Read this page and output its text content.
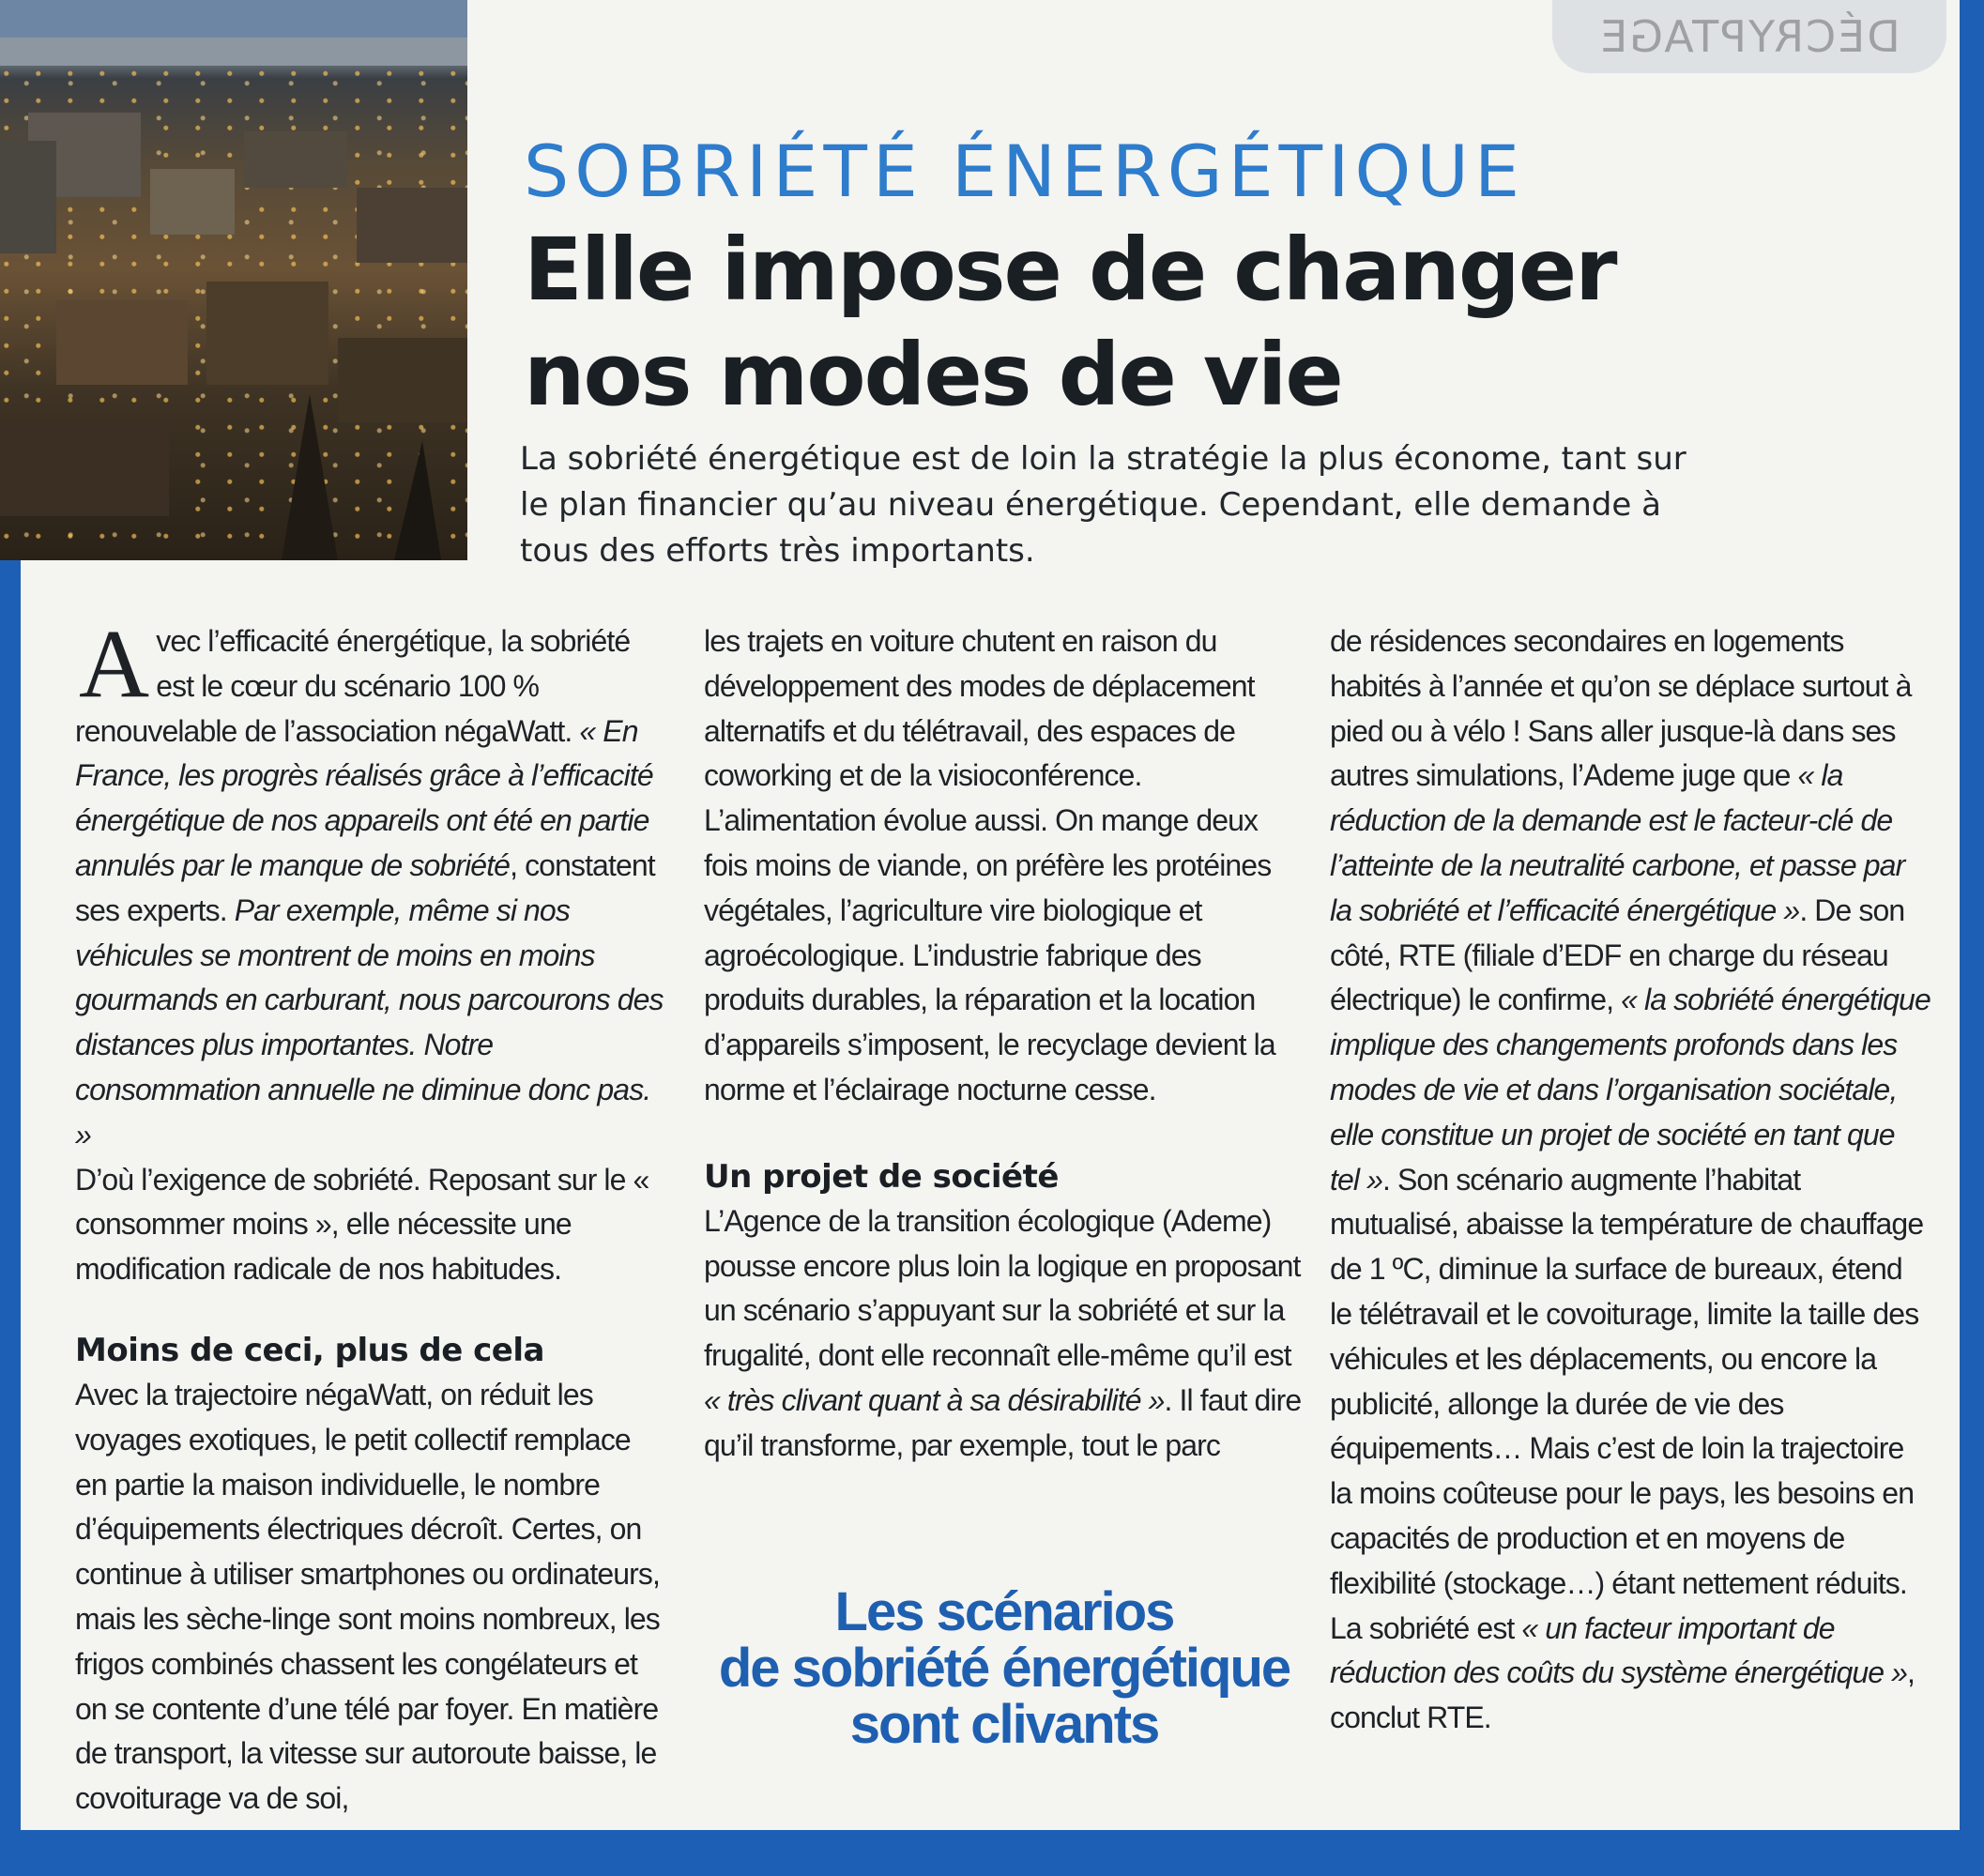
DÉCRYPTAGE
SOBRIÉTÉ ÉNERGÉTIQUE
Elle impose de changer
nos modes de vie
La sobriété énergétique est de loin la stratégie la plus économe, tant sur le plan financier qu’au niveau énergétique. Cependant, elle demande à tous des efforts très importants.

Avec l’efficacité énergétique, la sobriété est le cœur du scénario 100 % renouvelable de l’association négaWatt. « En France, les progrès réalisés grâce à l’efficacité énergétique de nos appareils ont été en partie annulés par le manque de sobriété, constatent ses experts. Par exemple, même si nos véhicules se montrent de moins en moins gourmands en carburant, nous parcourons des distances plus importantes. Notre consommation annuelle ne diminue donc pas. »

D’où l’exigence de sobriété. Reposant sur le « consommer moins », elle nécessite une modification radicale de nos habitudes.

Moins de ceci, plus de cela

Avec la trajectoire négaWatt, on réduit les voyages exotiques, le petit collectif remplace en partie la maison individuelle, le nombre d’équipements électriques décroît. Certes, on continue à utiliser smartphones ou ordinateurs, mais les sèche-linge sont moins nombreux, les frigos combinés chassent les congélateurs et on se contente d’une télé par foyer. En matière de transport, la vitesse sur autoroute baisse, le covoiturage va de soi,

les trajets en voiture chutent en raison du développement des modes de déplacement alternatifs et du télétravail, des espaces de coworking et de la visioconférence. L’alimentation évolue aussi. On mange deux fois moins de viande, on préfère les protéines végétales, l’agriculture vire biologique et agroécologique. L’industrie fabrique des produits durables, la réparation et la location d’appareils s’imposent, le recyclage devient la norme et l’éclairage nocturne cesse.

Un projet de société

L’Agence de la transition écologique (Ademe) pousse encore plus loin la logique en proposant un scénario s’appuyant sur la sobriété et sur la frugalité, dont elle reconnaît elle-même qu’il est « très clivant quant à sa désirabilité ». Il faut dire qu’il transforme, par exemple, tout le parc

de résidences secondaires en logements habités à l’année et qu’on se déplace surtout à pied ou à vélo ! Sans aller jusque-là dans ses autres simulations, l’Ademe juge que « la réduction de la demande est le facteur-clé de l’atteinte de la neutralité carbone, et passe par la sobriété et l’efficacité énergétique ». De son côté, RTE (filiale d’EDF en charge du réseau électrique) le confirme, « la sobriété énergétique implique des changements profonds dans les modes de vie et dans l’organisation sociétale, elle constitue un projet de société en tant que tel ». Son scénario augmente l’habitat mutualisé, abaisse la température de chauffage de 1 ºC, diminue la surface de bureaux, étend le télétravail et le covoiturage, limite la taille des véhicules et les déplacements, ou encore la publicité, allonge la durée de vie des équipements… Mais c’est de loin la trajectoire la moins coûteuse pour le pays, les besoins en capacités de production et en moyens de flexibilité (stockage…) étant nettement réduits. La sobriété est « un facteur important de réduction des coûts du système énergétique », conclut RTE.

Les scénarios
de sobriété énergétique
sont clivants
